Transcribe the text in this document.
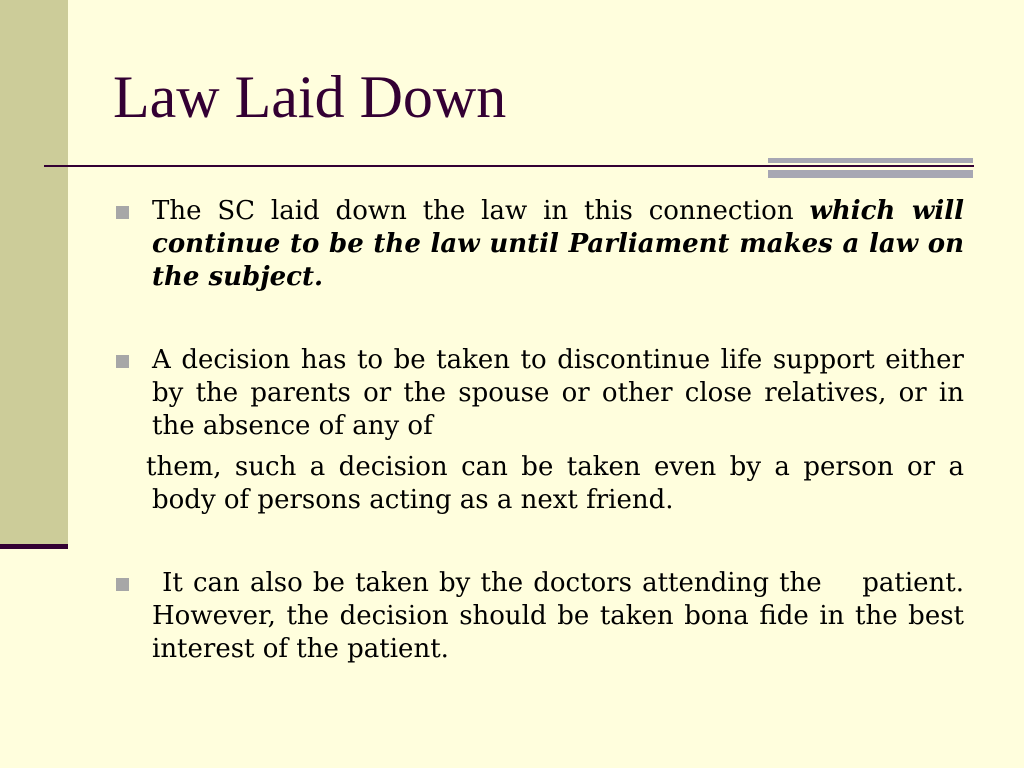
Law Laid Down

The SC laid down the law in this connection which will continue to be the law until Parliament makes a law on the subject.

A decision has to be taken to discontinue life support either by the parents or the spouse or other close relatives, or in the absence of any of

them, such a decision can be taken even by a person or a body of persons acting as a next friend.

It can also be taken by the doctors attending the    patient. However, the decision should be taken bona fide in the best interest of the patient.
